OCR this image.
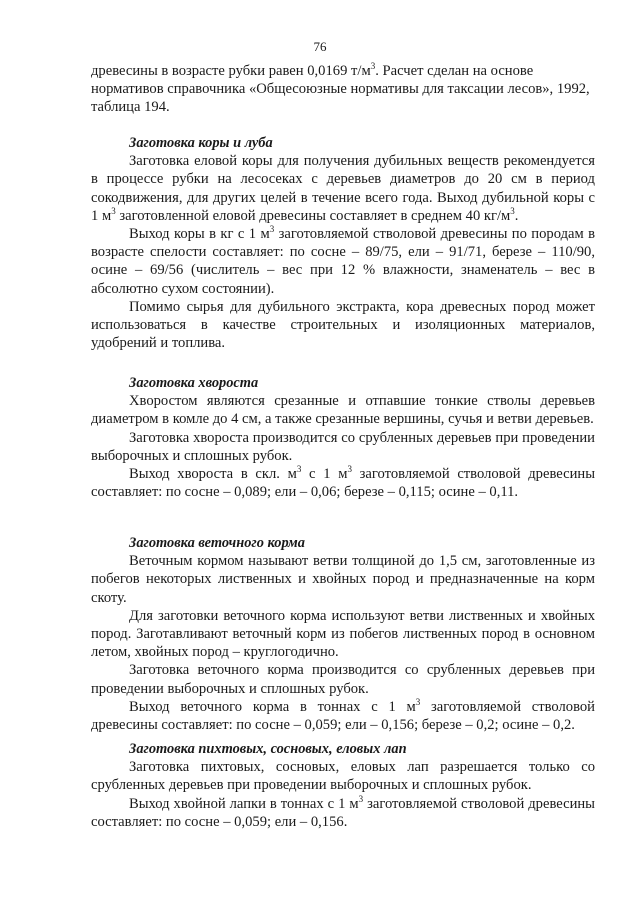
76

древесины в возрасте рубки равен 0,0169 $т/м^3$. Расчет сделан на основе нормативов справочника «Общесоюзные нормативы для таксации лесов», 1992, таблица 194.

Заготовка коры и луба

Заготовка еловой коры для получения дубильных веществ рекомендуется в процессе рубки на лесосеках с деревьев диаметров до 20 см в период сокодвижения, для других целей в течение всего года. Выход дубильной коры с 1 $м^3$ заготовленной еловой древесины составляет в среднем 40 $кг/м^3$.

Выход коры в кг с 1 $м^3$ заготовляемой стволовой древесины по породам в возрасте спелости составляет: по сосне – 89/75, ели – 91/71, березе – 110/90, осине – 69/56 (числитель – вес при 12 % влажности, знаменатель – вес в абсолютно сухом состоянии).

Помимо сырья для дубильного экстракта, кора древесных пород может использоваться в качестве строительных и изоляционных материалов, удобрений и топлива.

Заготовка хвороста

Хворостом являются срезанные и отпавшие тонкие стволы деревьев диаметром в комле до 4 см, а также срезанные вершины, сучья и ветви деревьев.

Заготовка хвороста производится со срубленных деревьев при проведении выборочных и сплошных рубок.

Выход хвороста в скл. $м^3$ с 1 $м^3$ заготовляемой стволовой древесины составляет: по сосне – 0,089; ели – 0,06; березе – 0,115; осине – 0,11.

Заготовка веточного корма

Веточным кормом называют ветви толщиной до 1,5 см, заготовленные из побегов некоторых лиственных и хвойных пород и предназначенные на корм скоту.

Для заготовки веточного корма используют ветви лиственных и хвойных пород. Заготавливают веточный корм из побегов лиственных пород в основном летом, хвойных пород – круглогодично.

Заготовка веточного корма производится со срубленных деревьев при проведении выборочных и сплошных рубок.

Выход веточного корма в тоннах с 1 $м^3$ заготовляемой стволовой древесины составляет: по сосне – 0,059; ели – 0,156; березе – 0,2; осине – 0,2.

Заготовка пихтовых, сосновых, еловых лап

Заготовка пихтовых, сосновых, еловых лап разрешается только со срубленных деревьев при проведении выборочных и сплошных рубок.

Выход хвойной лапки в тоннах с 1 $м^3$ заготовляемой стволовой древесины составляет: по сосне – 0,059; ели – 0,156.
